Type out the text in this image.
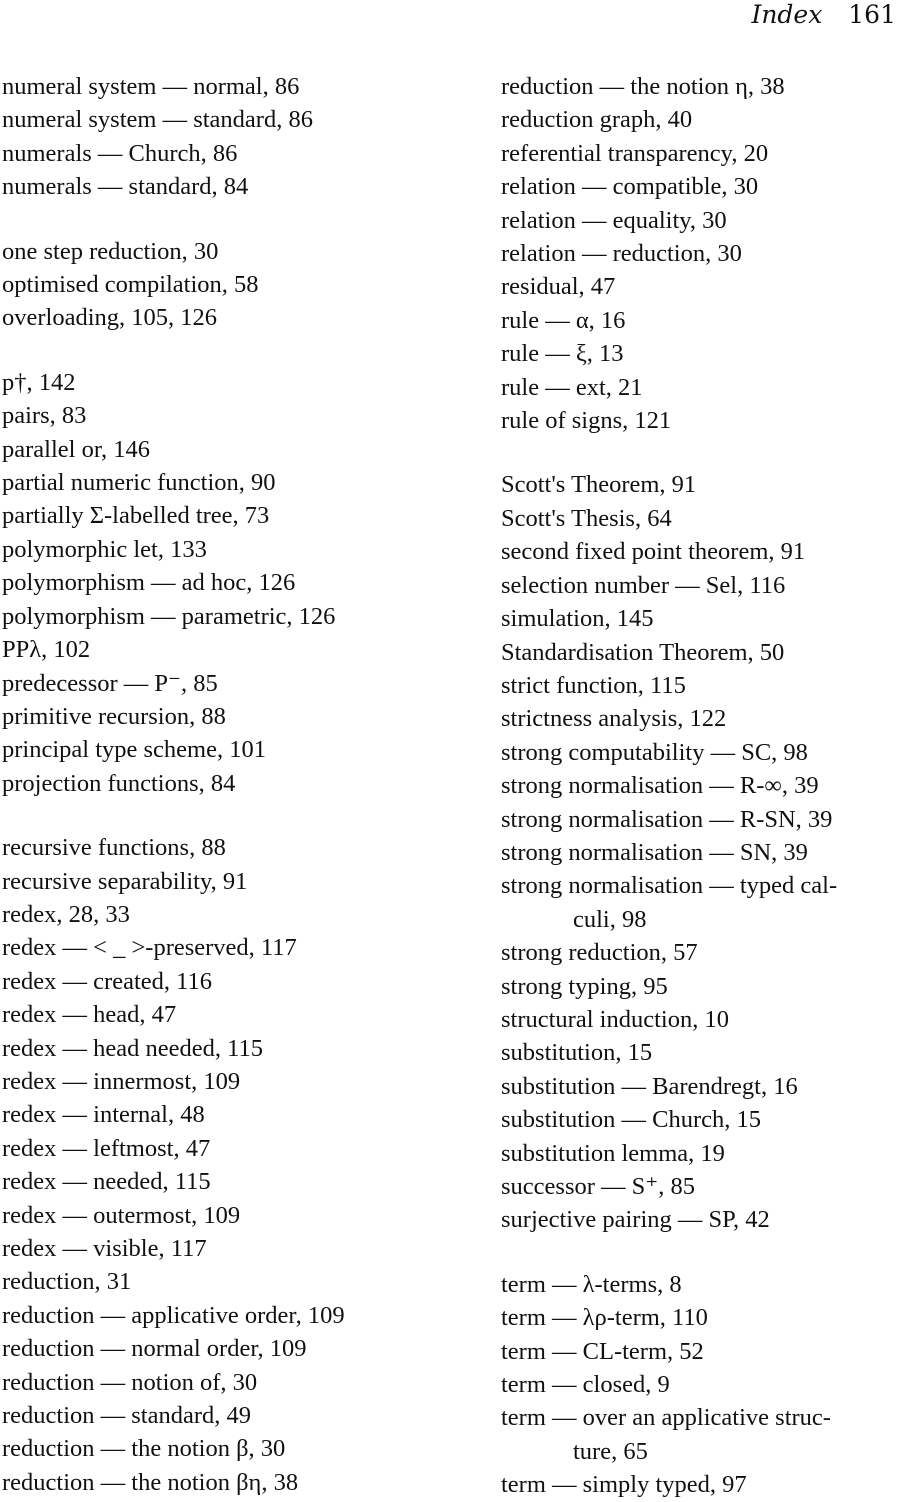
Index 161
numeral system — normal, 86
numeral system — standard, 86
numerals — Church, 86
numerals — standard, 84
one step reduction, 30
optimised compilation, 58
overloading, 105, 126
p†, 142
pairs, 83
parallel or, 146
partial numeric function, 90
partially Σ-labelled tree, 73
polymorphic let, 133
polymorphism — ad hoc, 126
polymorphism — parametric, 126
PPλ, 102
predecessor — P⁻, 85
primitive recursion, 88
principal type scheme, 101
projection functions, 84
recursive functions, 88
recursive separability, 91
redex, 28, 33
redex — < _ >-preserved, 117
redex — created, 116
redex — head, 47
redex — head needed, 115
redex — innermost, 109
redex — internal, 48
redex — leftmost, 47
redex — needed, 115
redex — outermost, 109
redex — visible, 117
reduction, 31
reduction — applicative order, 109
reduction — normal order, 109
reduction — notion of, 30
reduction — standard, 49
reduction — the notion β, 30
reduction — the notion βη, 38
reduction — the notion η, 38
reduction graph, 40
referential transparency, 20
relation — compatible, 30
relation — equality, 30
relation — reduction, 30
residual, 47
rule — α, 16
rule — ξ, 13
rule — ext, 21
rule of signs, 121
Scott's Theorem, 91
Scott's Thesis, 64
second fixed point theorem, 91
selection number — Sel, 116
simulation, 145
Standardisation Theorem, 50
strict function, 115
strictness analysis, 122
strong computability — SC, 98
strong normalisation — R-∞, 39
strong normalisation — R-SN, 39
strong normalisation — SN, 39
strong normalisation — typed cal-
culi, 98
strong reduction, 57
strong typing, 95
structural induction, 10
substitution, 15
substitution — Barendregt, 16
substitution — Church, 15
substitution lemma, 19
successor — S⁺, 85
surjective pairing — SP, 42
term — λ-terms, 8
term — λρ-term, 110
term — CL-term, 52
term — closed, 9
term — over an applicative struc-
ture, 65
term — simply typed, 97
